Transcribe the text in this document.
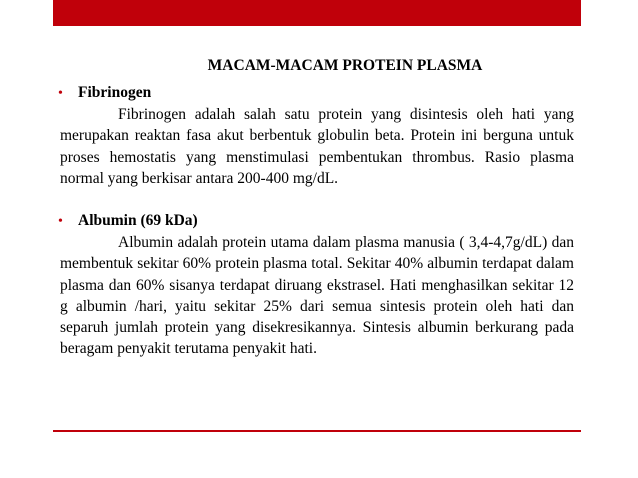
MACAM-MACAM PROTEIN PLASMA
• Fibrinogen

Fibrinogen adalah salah satu protein yang disintesis oleh hati yang merupakan reaktan fasa akut berbentuk globulin beta. Protein ini berguna untuk proses hemostatis yang menstimulasi pembentukan thrombus. Rasio plasma normal yang berkisar antara 200-400 mg/dL.

• Albumin (69 kDa)

Albumin adalah protein utama dalam plasma manusia ( 3,4-4,7g/dL) dan membentuk sekitar 60% protein plasma total. Sekitar 40% albumin terdapat dalam plasma dan 60% sisanya terdapat diruang ekstrasel. Hati menghasilkan sekitar 12 g albumin /hari, yaitu sekitar 25% dari semua sintesis protein oleh hati dan separuh jumlah protein yang disekresikannya. Sintesis albumin berkurang pada beragam penyakit terutama penyakit hati.
